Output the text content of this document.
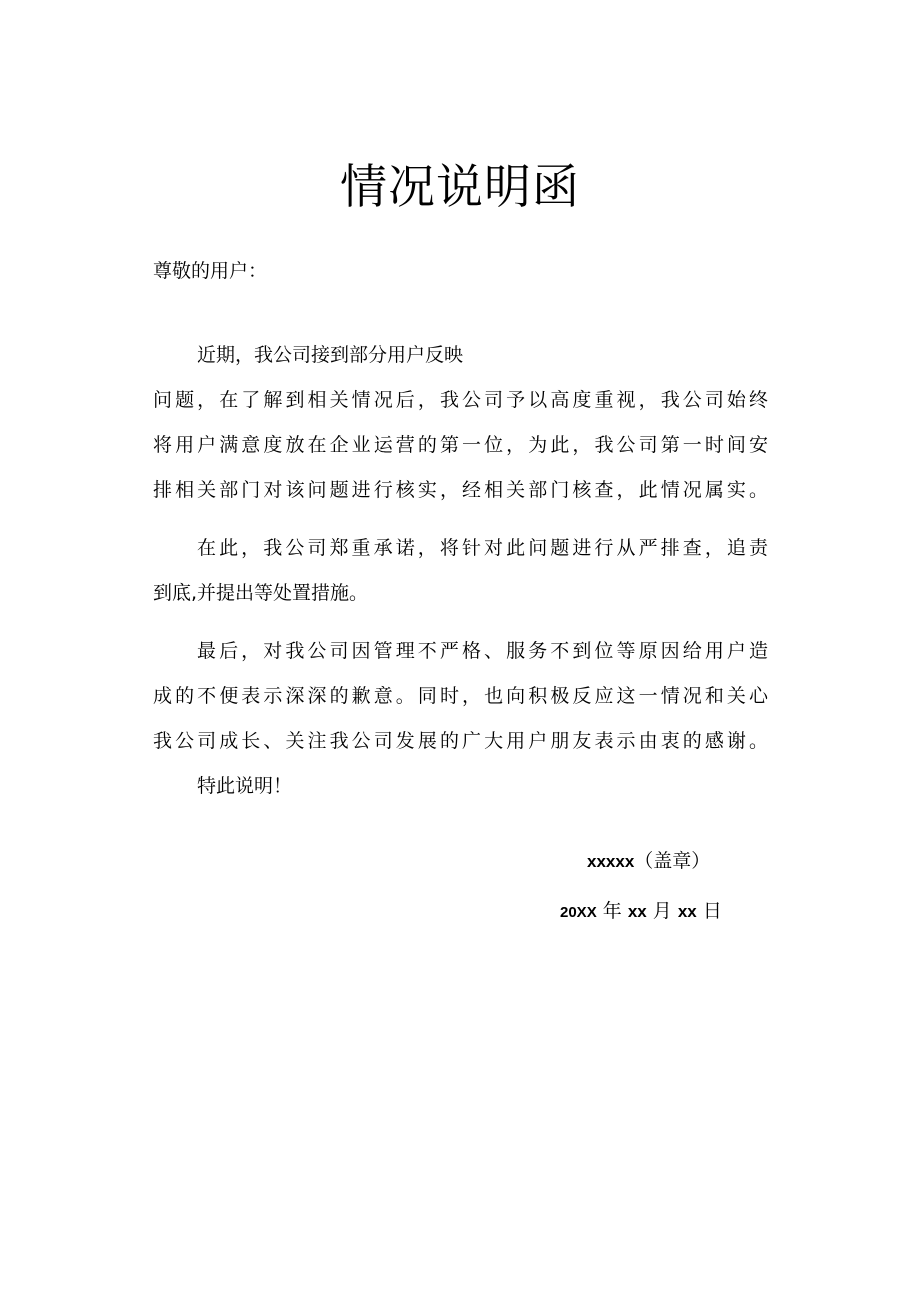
情况说明函
尊敬的用户：
近期，我公司接到部分用户反映
问题，在了解到相关情况后，我公司予以高度重视，我公司始终
将用户满意度放在企业运营的第一位，为此，我公司第一时间安
排相关部门对该问题进行核实，经相关部门核查，此情况属实。
在此，我公司郑重承诺，将针对此问题进行从严排查，追责
到底,并提出等处置措施。
最后，对我公司因管理不严格、服务不到位等原因给用户造
成的不便表示深深的歉意。同时，也向积极反应这一情况和关心
我公司成长、关注我公司发展的广大用户朋友表示由衷的感谢。
特此说明！
xxxxx（盖章）
20XX 年 xx 月 xx 日
